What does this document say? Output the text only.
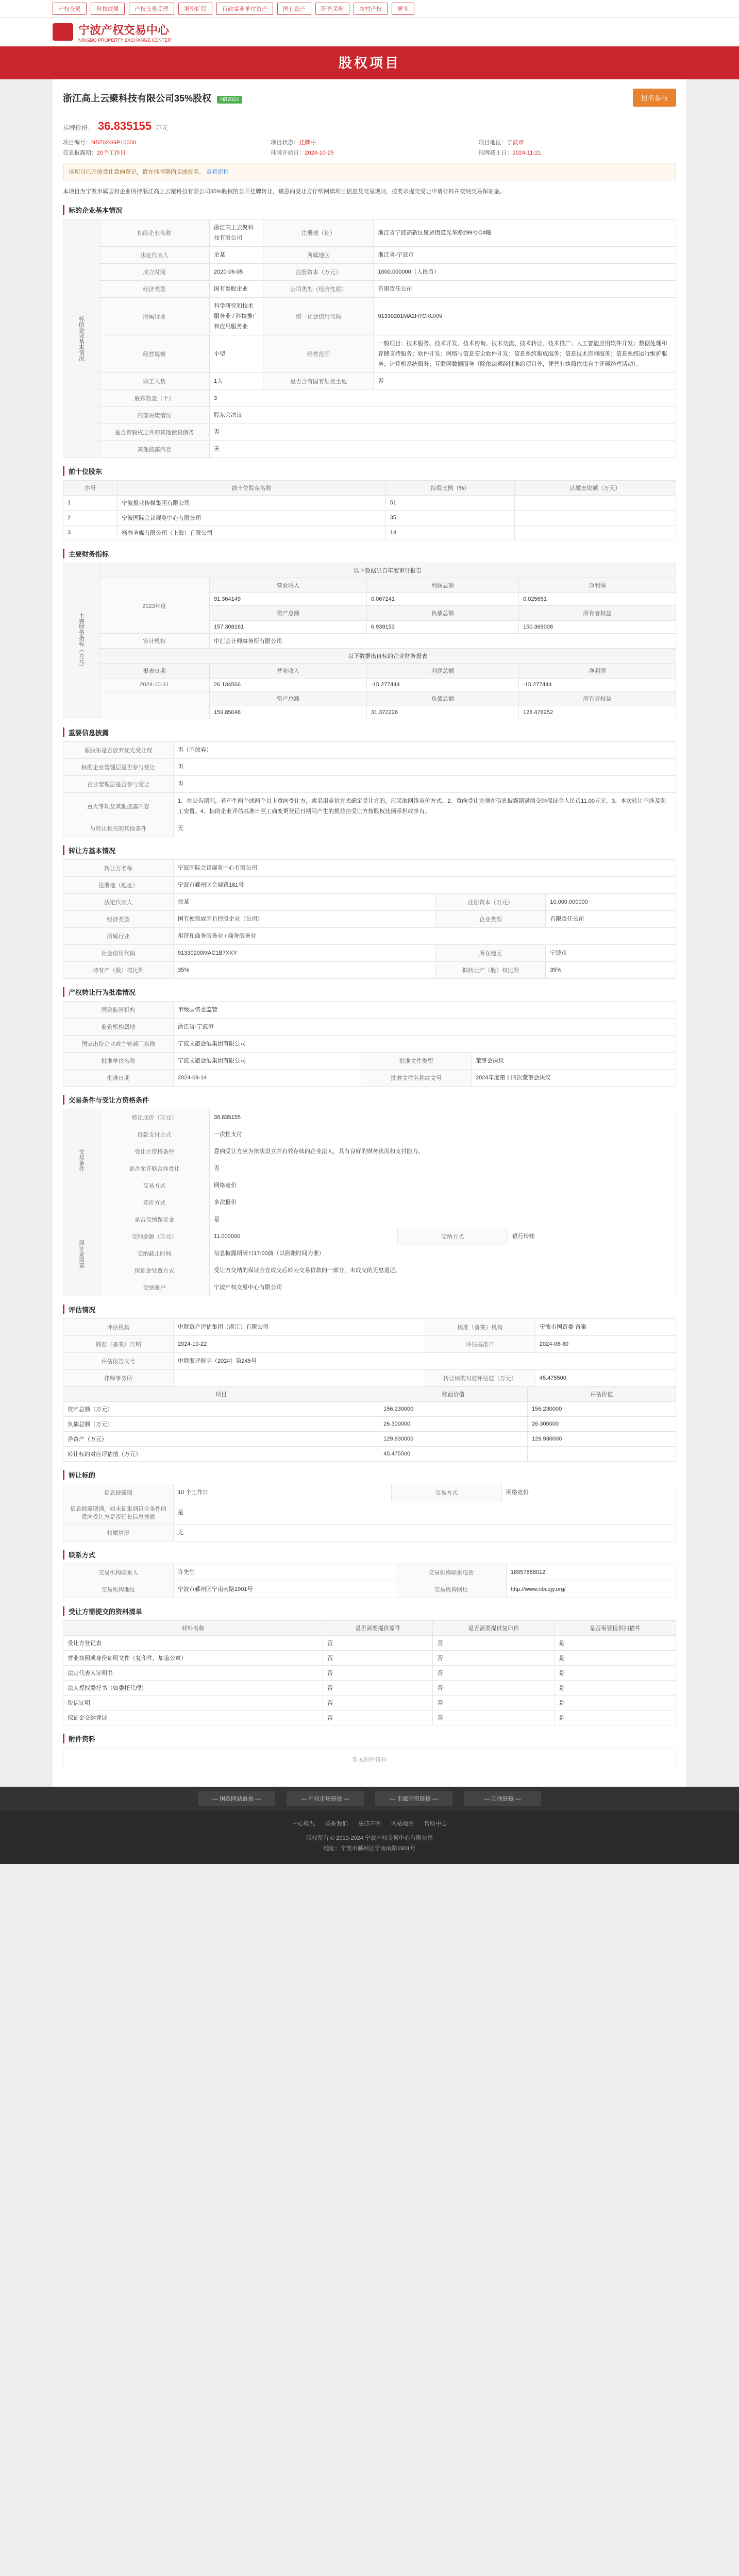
产权交易	科技成果	产权交易受理	增资扩股	行政事业单位资产	国有资产	阳光采购	农村产权	更多
宁波产权交易中心
NINGBO PROPERTY EXCHANGE CENTER
股权项目
浙江高上云聚科技有限公司35%股权 NB2024	报名参与
挂牌价格： 36.835155 万元
项目编号：NBZ024GP10000	项目状态：挂牌中	项目地区：宁波市
信息披露期：20个工作日	挂牌开始日：2024-10-25	挂牌截止日：2024-11-21
该项目已开放受让意向登记，请在挂牌期内完成报名。 查看流程
本项目为宁波市属国有企业所持浙江高上云聚科技有限公司35%股权的公开挂牌转让，请意向受让方仔细阅读项目信息及交易规则，按要求提交受让申请材料并交纳交易保证金。
标的企业基本情况
标的企业基本情况	标的企业名称	浙江高上云聚科技有限公司	注册地（址）	浙江省宁波高新区聚贤街道光华路299号C4幢
	法定代表人	余某	所属地区	浙江省-宁波市
	成立时间	2020-06-05	注册资本（万元）	1000.000000（人民币）
	经济类型	国有参股企业	公司类型（经济性质）	有限责任公司
	所属行业	科学研究和技术服务业 / 科技推广和应用服务业	统一社会信用代码	91330201MA2H7CKUXN
	经营规模	小型	经营范围	一般项目：技术服务、技术开发、技术咨询、技术交流、技术转让、技术推广；人工智能应用软件开发；数据处理和存储支持服务；软件开发；网络与信息安全软件开发；信息系统集成服务；信息技术咨询服务；信息系统运行维护服务；计算机系统服务；互联网数据服务（除依法须经批准的项目外，凭营业执照依法自主开展经营活动）。
	职工人数	1人	是否含有国有划拨土地	否
	股东数量（个）	3		
	内部决策情况	股东会决议		
	是否有股权之外的其他债权债务	否		
	其他披露内容	无		
前十位股东
序号	前十位股东名称	持股比例（%）	认缴出资额（万元）
1	宁波报业传媒集团有限公司	51	
2	宁波国际会议展览中心有限公司	35	
3	杨春圣媒有限公司（上海）有限公司	14	
主要财务指标
主要财务指标（万元）	以下数据出自年度审计报告			
	2023年度	营业收入	利润总额	净利润
		91.364149	0.067241	0.025651
		资产总额	负债总额	所有者权益
		157.308161	6.939153	150.369008
	审计机构	中汇会计师事务所有限公司		
	以下数据出自标的企业财务报表			
	报表日期	营业收入	利润总额	净利润
	2024-10-31	26.134566	-15.277444	-15.277444
		资产总额	负债总额	所有者权益
		159.85048	31.372226	128.478252
重要信息披露
原股东是否放弃优先受让权	否（不放弃）
标的企业管理层是否参与受让	否
企业管理层是否参与受让	否
重大事项及其他披露内容	1、在公告期间，若产生两个或两个以上意向受让方，或采用竞价方式确定受让方的，应采取网络竞价方式。2、意向受让方须在信息披露期满前交纳保证金人民币11.00万元。3、本次转让不涉及职工安置。4、标的企业评估基准日至工商变更登记日期间产生的损益由受让方按股权比例承担或享有。
与转让相关的其他条件	无
转让方基本情况
转让方名称	宁波国际会议展览中心有限公司		
注册地（地址）	宁波市鄞州区会展路181号		
法定代表人	徐某	注册资本（万元）	10,000.000000
经济类型	国有独资或国有控股企业（公司）	企业类型	有限责任公司
所属行业	租赁和商务服务业 / 商务服务业		
社会信用代码	91330200MAC1B7XKY	所在地区	宁波市
持有产（股）权比例	35%	拟转让产（股）权比例	35%
产权转让行为批准情况
国资监管机构	市级国资委监管		
监管机构属地	浙江省-宁波市		
国家出资企业或主管部门名称	宁波文旅会展集团有限公司		
批准单位名称	宁波文旅会展集团有限公司	批准文件类型	董事会决议
批准日期	2024-09-14	批准文件名称或文号	2024年度第十四次董事会决议
交易条件与受让方资格条件
交易条件	转让底价（万元）	36.835155
	价款支付方式	一次性支付
	受让方资格条件	意向受让方应为依法设立并有效存续的企业法人，具有良好的财务状况和支付能力。
	是否允许联合体受让	否
	交易方式	网络竞价
	竞价方式	多次报价
保证金设置	是否交纳保证金	是		
	交纳金额（万元）	11.000000	交纳方式	银行转账
	交纳截止时间	信息披露期满日17:00前（以到账时间为准）		
	保证金处置方式	受让方交纳的保证金在成交后转为交易价款的一部分，未成交的无息退还。		
	交纳账户	宁波产权交易中心有限公司		
评估情况
评估机构	中联资产评估集团（浙江）有限公司	核准（备案）机构	宁波市国资委 备案
核准（备案）日期	2024-10-22	评估基准日	2024-06-30
评估报告文号	中联浙评报字（2024）第245号		
律师事务所		转让标的对应评估值（万元）	45.475500
项目	账面价值	评估价值
资产总额（万元）	156.230000	156.230000
负债总额（万元）	26.300000	26.300000
净资产（万元）	129.930000	129.930000
转让标的对应评估值（万元）	45.475500	
转让标的
信息披露期	10 个工作日	交易方式	网络竞价
信息披露期满，如未征集到符合条件的意向受让方是否延长信息披露	是		
权属情况	无		
联系方式
交易机构联系人	许先生	交易机构联系电话	18957868012
交易机构地址	宁波市鄞州区宁南南路1901号	交易机构网址	http://www.nbcqjy.org/
受让方需提交的资料清单
材料名称	是否需要提供原件	是否需要提供复印件	是否需要提供扫描件
受让方登记表	否	否	是
营业执照或身份证明文件（复印件，加盖公章）	否	否	是
法定代表人证明书	否	否	是
法人授权委托书（如委托代理）	否	否	是
资信证明	否	否	是
保证金交纳凭证	否	否	是
附件资料
暂无附件资料
— 国资网站链接 —	— 产权市场链接 —	— 市属国资链接 —	— 其他链接 —
中心概况 联系我们 法律声明 网站地图 帮助中心
版权所有 © 2010-2024 宁波产权交易中心有限公司
地址：宁波市鄞州区宁南南路1901号
